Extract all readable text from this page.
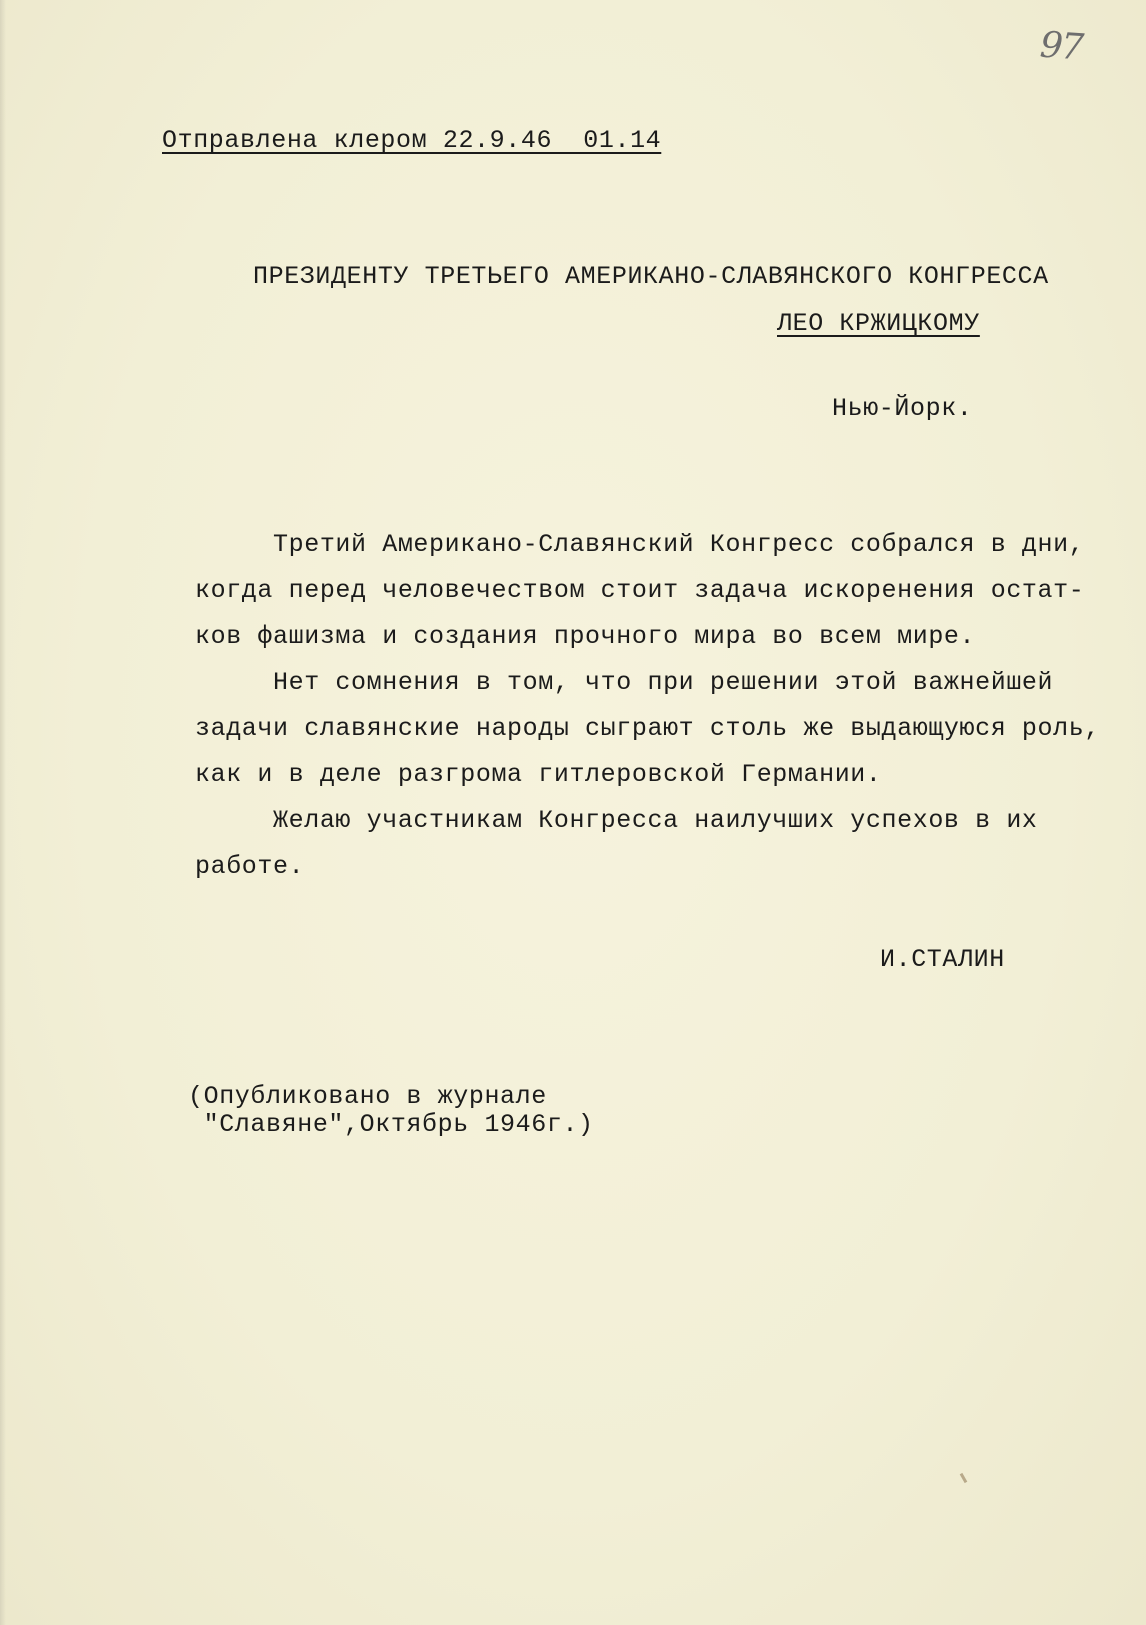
97
Отправлена клером 22.9.46  01.14
ПРЕЗИДЕНТУ ТРЕТЬЕГО АМЕРИКАНО-СЛАВЯНСКОГО КОНГРЕССА
ЛЕО КРЖИЦКОМУ
Нью-Йорк.
Третий Американо-Славянский Конгресс собрался в дни,
когда перед человечеством стоит задача искоренения остат-
ков фашизма и создания прочного мира во всем мире.
Нет сомнения в том, что при решении этой важнейшей
задачи славянские народы сыграют столь же выдающуюся роль,
как и в деле разгрома гитлеровской Германии.
Желаю участникам Конгресса наилучших успехов в их
работе.
И.СТАЛИН
(Опубликовано в журнале
"Славяне",Октябрь 1946г.)
